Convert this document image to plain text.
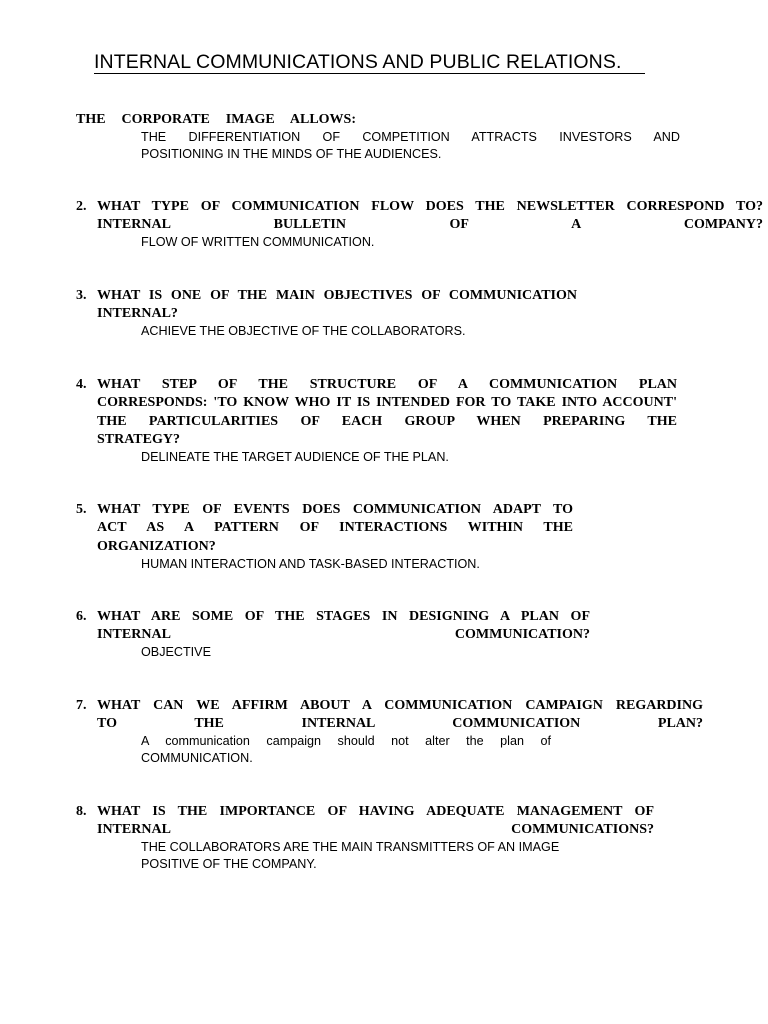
INTERNAL COMMUNICATIONS AND PUBLIC RELATIONS.
THE CORPORATE IMAGE ALLOWS:
THE DIFFERENTIATION OF COMPETITION ATTRACTS INVESTORS AND
POSITIONING IN THE MINDS OF THE AUDIENCES.
2. WHAT TYPE OF COMMUNICATION FLOW DOES THE NEWSLETTER CORRESPOND TO?
INTERNAL BULLETIN OF A COMPANY?
FLOW OF WRITTEN COMMUNICATION.
3. WHAT IS ONE OF THE MAIN OBJECTIVES OF COMMUNICATION
INTERNAL?
ACHIEVE THE OBJECTIVE OF THE COLLABORATORS.
4. WHAT STEP OF THE STRUCTURE OF A COMMUNICATION PLAN
CORRESPONDS: 'TO KNOW WHO IT IS INTENDED FOR TO TAKE INTO ACCOUNT'
THE PARTICULARITIES OF EACH GROUP WHEN PREPARING THE
STRATEGY?
DELINEATE THE TARGET AUDIENCE OF THE PLAN.
5. WHAT TYPE OF EVENTS DOES COMMUNICATION ADAPT TO
ACT AS A PATTERN OF INTERACTIONS WITHIN THE
ORGANIZATION?
HUMAN INTERACTION AND TASK-BASED INTERACTION.
6. WHAT ARE SOME OF THE STAGES IN DESIGNING A PLAN OF
INTERNAL COMMUNICATION?
OBJECTIVE
7. WHAT CAN WE AFFIRM ABOUT A COMMUNICATION CAMPAIGN REGARDING
TO THE INTERNAL COMMUNICATION PLAN?
A communication campaign should not alter the plan of
COMMUNICATION.
8. WHAT IS THE IMPORTANCE OF HAVING ADEQUATE MANAGEMENT OF
INTERNAL COMMUNICATIONS?
THE COLLABORATORS ARE THE MAIN TRANSMITTERS OF AN IMAGE
POSITIVE OF THE COMPANY.
